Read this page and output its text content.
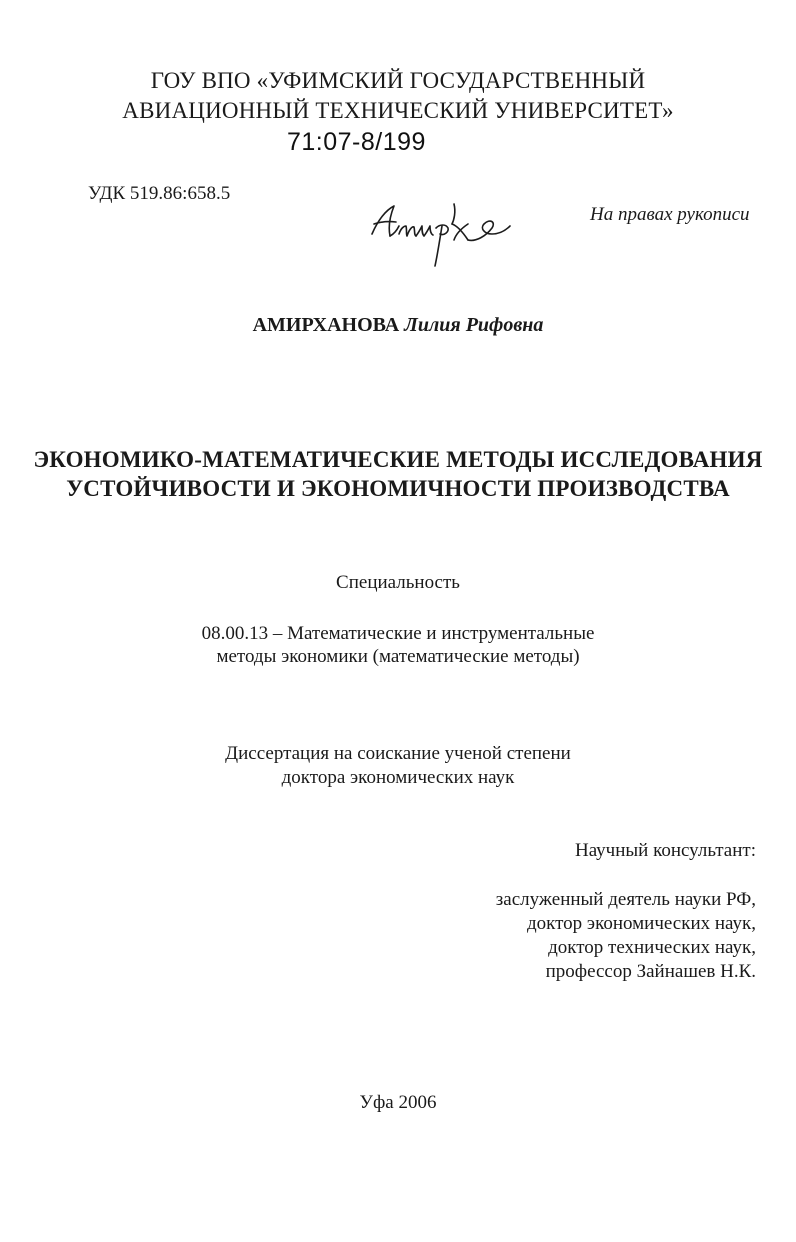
ГОУ ВПО «УФИМСКИЙ ГОСУДАРСТВЕННЫЙ
АВИАЦИОННЫЙ ТЕХНИЧЕСКИЙ УНИВЕРСИТЕТ»
71:07-8/199
УДК 519.86:658.5
На правах рукописи
АМИРХАНОВА Лилия Рифовна
ЭКОНОМИКО-МАТЕМАТИЧЕСКИЕ МЕТОДЫ ИССЛЕДОВАНИЯ
УСТОЙЧИВОСТИ И ЭКОНОМИЧНОСТИ ПРОИЗВОДСТВА
Специальность
08.00.13 – Математические и инструментальные
методы экономики (математические методы)
Диссертация на соискание ученой степени
доктора экономических наук
Научный консультант:
заслуженный деятель науки РФ,
доктор экономических наук,
доктор технических наук,
профессор Зайнашев Н.К.
Уфа 2006
